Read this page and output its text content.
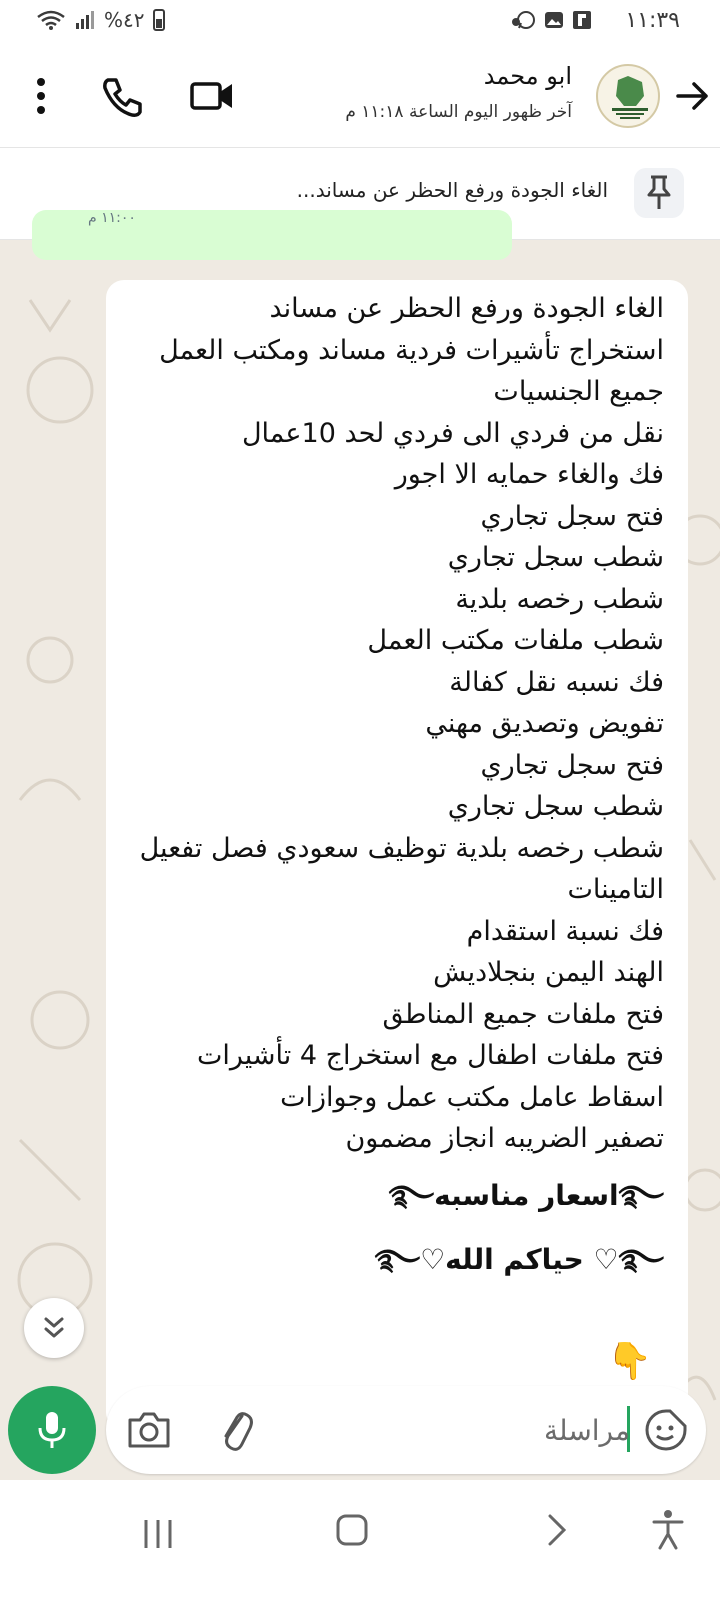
١١:٣٩
%٤٢
ابو محمد
آخر ظهور اليوم الساعة ١١:١٨ م
الغاء الجودة ورفع الحظر عن مساند...
١١:٠٠ م
الغاء الجودة ورفع الحظر عن مساند
استخراج تأشيرات فردية مساند ومكتب العمل
جميع الجنسيات
نقل من فردي الى فردي لحد 10عمال
فك والغاء حمايه الا اجور
فتح سجل تجاري
شطب سجل تجاري
شطب رخصه بلدية
شطب ملفات مكتب العمل
فك نسبه نقل كفالة
تفويض وتصديق مهني
فتح سجل تجاري
شطب سجل تجاري
شطب رخصه بلدية توظيف سعودي فصل تفعيل
التامينات
فك نسبة استقدام
الهند اليمن بنجلاديش
فتح ملفات جميع المناطق
فتح ملفات اطفال مع استخراج 4 تأشيرات
اسقاط عامل مكتب عمل وجوازات
تصفير الضريبه انجاز مضمون
࿐اسعار مناسبه࿐
࿐♡ حياكم الله♡࿐
👇
مراسلة
